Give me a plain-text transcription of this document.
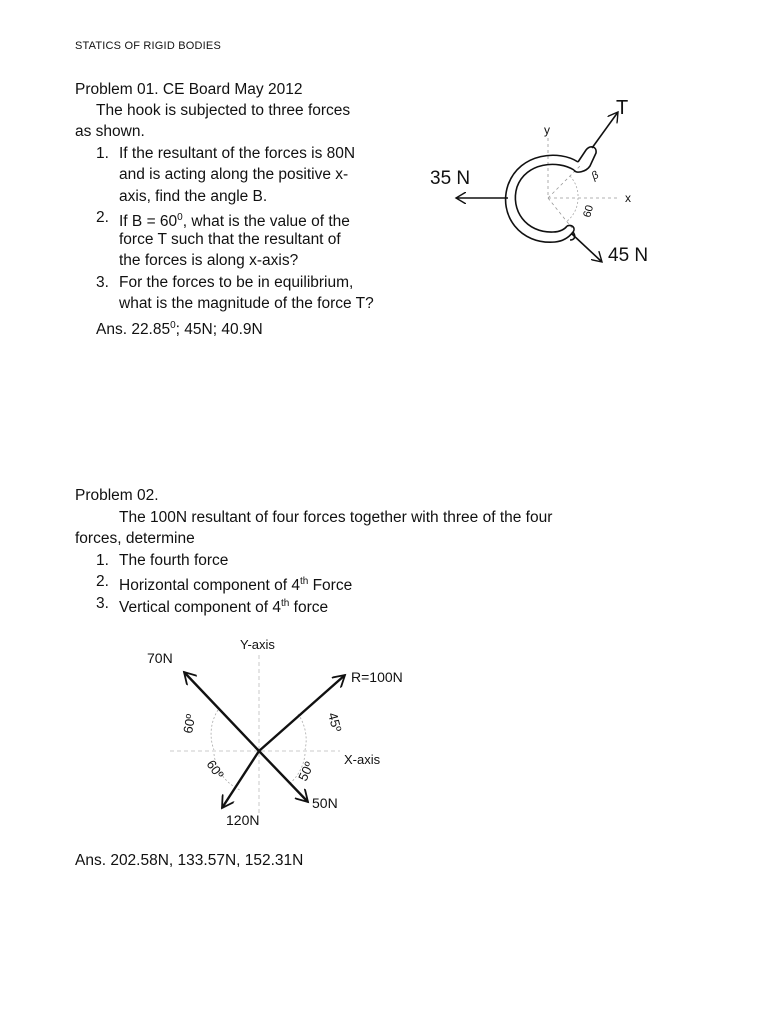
STATICS OF RIGID BODIES
Problem 01. CE Board May 2012
The hook is subjected to three forces
as shown.
1. If the resultant of the forces is 80N
and is acting along the positive x-
axis, find the angle B.
2. If $B = 60^0$, what is the value of the
force T such that the resultant of
the forces is along x-axis?
3. For the forces to be in equilibrium,
what is the magnitude of the force T?
Ans. 22.85$^0$; 45N; 40.9N
T
y
x
35 N
45 N
β
60
Problem 02.
The 100N resultant of four forces together with three of the four
forces, determine
1. The fourth force
2. Horizontal component of 4th Force
3. Vertical component of 4th force
Y-axis
X-axis
70N
R=100N
120N
50N
60º	45º
60º	50º
Ans. 202.58N, 133.57N, 152.31N
